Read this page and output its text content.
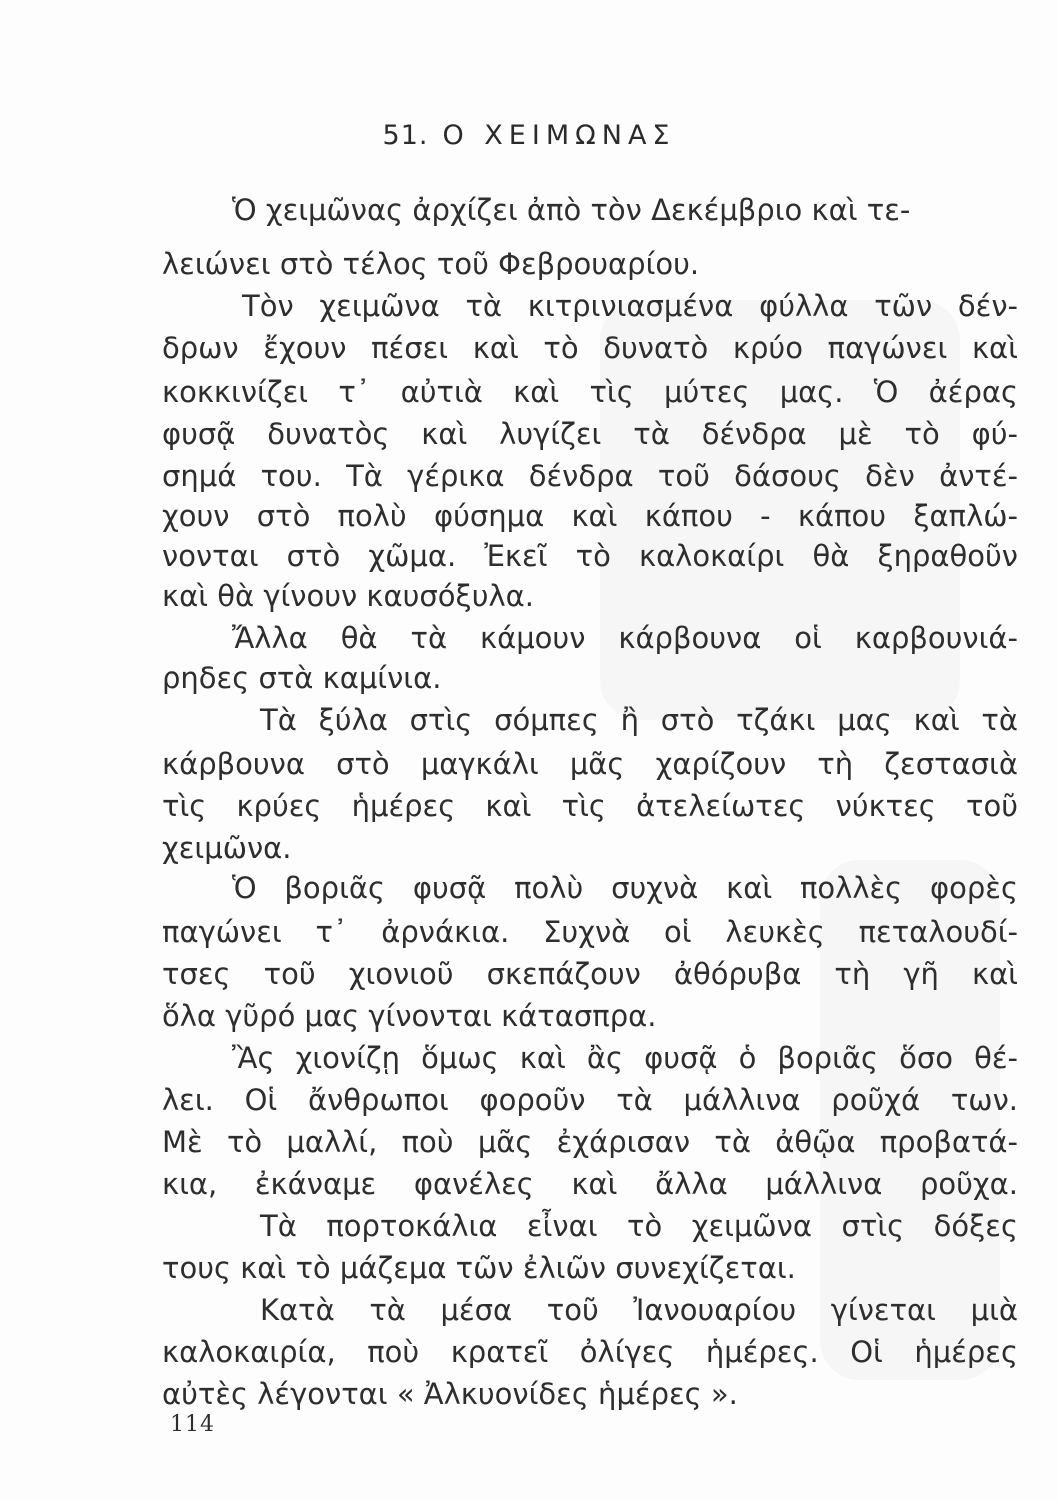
51. Ο ΧΕΙΜΩΝΑΣ
Ὁ χειμῶνας ἀρχίζει ἀπὸ τὸν Δεκέμβριο καὶ τε-
λειώνει στὸ τέλος τοῦ Φεβρουαρίου.
Τὸν χειμῶνα τὰ κιτρινιασμένα φύλλα τῶν δέν-
δρων ἔχουν πέσει καὶ τὸ δυνατὸ κρύο παγώνει καὶ
κοκκινίζει τ᾿ αὐτιὰ καὶ τὶς μύτες μας. Ὁ ἀέρας
φυσᾷ δυνατὸς καὶ λυγίζει τὰ δένδρα μὲ τὸ φύ-
σημά του. Τὰ γέρικα δένδρα τοῦ δάσους δὲν ἀντέ-
χουν στὸ πολὺ φύσημα καὶ κάπου - κάπου ξαπλώ-
νονται στὸ χῶμα. Ἐκεῖ τὸ καλοκαίρι θὰ ξηραθοῦν
καὶ θὰ γίνουν καυσόξυλα.
Ἄλλα θὰ τὰ κάμουν κάρβουνα οἱ καρβουνιά-
ρηδες στὰ καμίνια.
Τὰ ξύλα στὶς σόμπες ἢ στὸ τζάκι μας καὶ τὰ
κάρβουνα στὸ μαγκάλι μᾶς χαρίζουν τὴ ζεστασιὰ
τὶς κρύες ἡμέρες καὶ τὶς ἀτελείωτες νύκτες τοῦ
χειμῶνα.
Ὁ βοριᾶς φυσᾷ πολὺ συχνὰ καὶ πολλὲς φορὲς
παγώνει τ᾿ ἀρνάκια. Συχνὰ οἱ λευκὲς πεταλουδί-
τσες τοῦ χιονιοῦ σκεπάζουν ἀθόρυβα τὴ γῆ καὶ
ὅλα γῦρό μας γίνονται κάτασπρα.
Ἂς χιονίζῃ ὅμως καὶ ἂς φυσᾷ ὁ βοριᾶς ὅσο θέ-
λει. Οἱ ἄνθρωποι φοροῦν τὰ μάλλινα ροῦχά των.
Μὲ τὸ μαλλί, ποὺ μᾶς ἐχάρισαν τὰ ἀθῷα προβατά-
κια, ἐκάναμε φανέλες καὶ ἄλλα μάλλινα ροῦχα.
Τὰ πορτοκάλια εἶναι τὸ χειμῶνα στὶς δόξες
τους καὶ τὸ μάζεμα τῶν ἐλιῶν συνεχίζεται.
Κατὰ τὰ μέσα τοῦ Ἰανουαρίου γίνεται μιὰ
καλοκαιρία, ποὺ κρατεῖ ὀλίγες ἡμέρες. Οἱ ἡμέρες
αὐτὲς λέγονται « Ἀλκυονίδες ἡμέρες ».
114
